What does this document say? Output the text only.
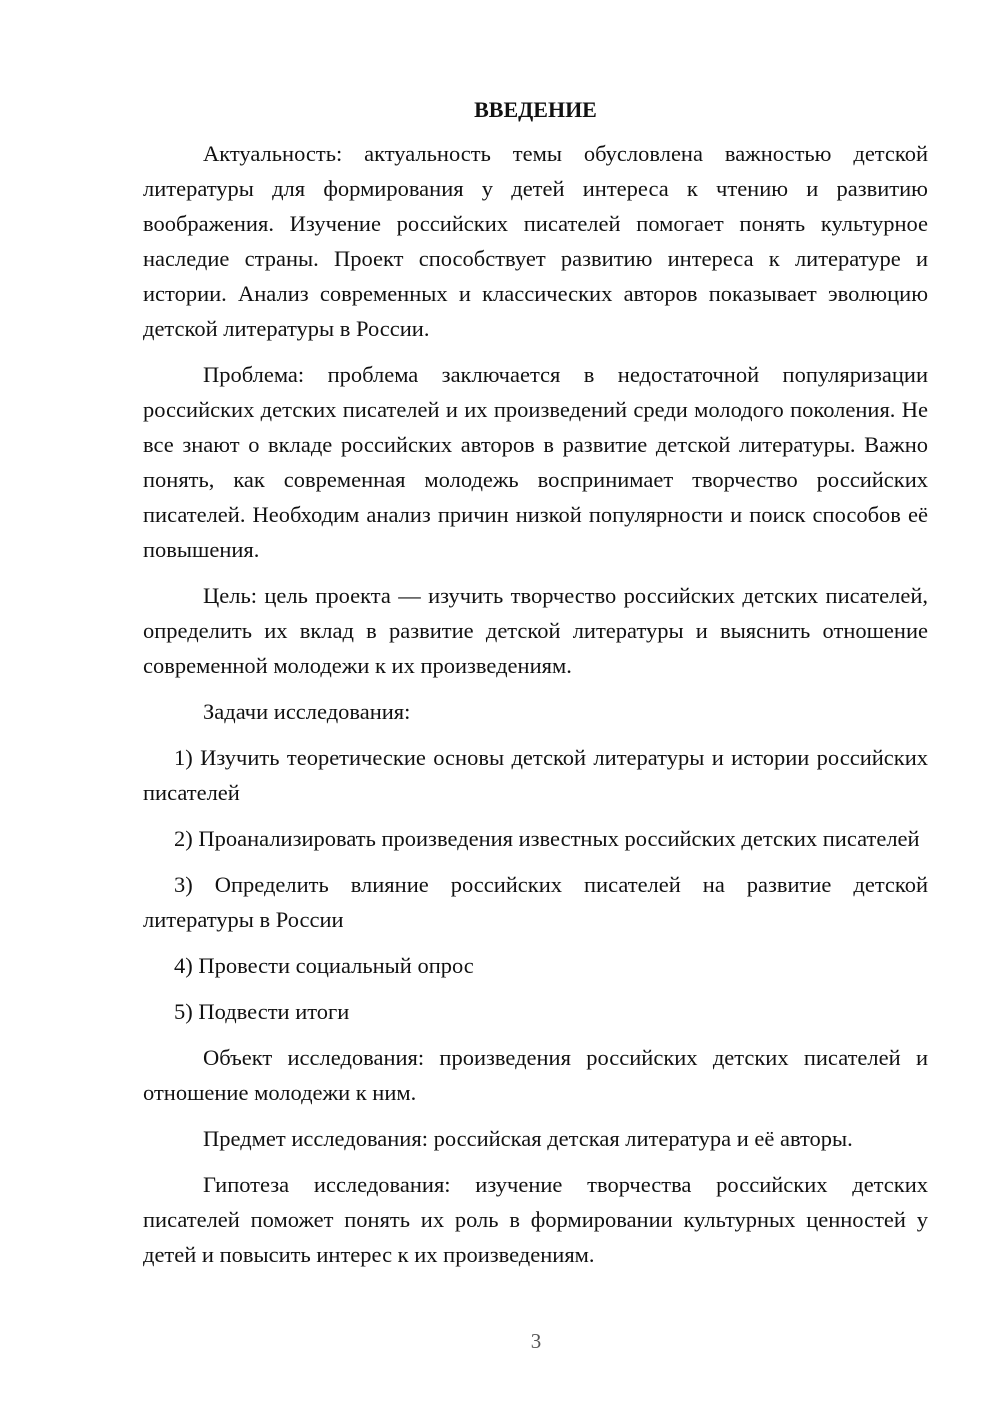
ВВЕДЕНИЕ

Актуальность: актуальность темы обусловлена важностью детской литературы для формирования у детей интереса к чтению и развитию воображения. Изучение российских писателей помогает понять культурное наследие страны. Проект способствует развитию интереса к литературе и истории. Анализ современных и классических авторов показывает эволюцию детской литературы в России.

Проблема: проблема заключается в недостаточной популяризации российских детских писателей и их произведений среди молодого поколения. Не все знают о вкладе российских авторов в развитие детской литературы. Важно понять, как современная молодежь воспринимает творчество российских писателей. Необходим анализ причин низкой популярности и поиск способов её повышения.

Цель: цель проекта — изучить творчество российских детских писателей, определить их вклад в развитие детской литературы и выяснить отношение современной молодежи к их произведениям.

Задачи исследования:

1) Изучить теоретические основы детской литературы и истории российских писателей

2) Проанализировать произведения известных российских детских писателей

3) Определить влияние российских писателей на развитие детской литературы в России

4) Провести социальный опрос

5) Подвести итоги

Объект исследования: произведения российских детских писателей и отношение молодежи к ним.

Предмет исследования: российская детская литература и её авторы.

Гипотеза исследования: изучение творчества российских детских писателей поможет понять их роль в формировании культурных ценностей у детей и повысить интерес к их произведениям.

3
